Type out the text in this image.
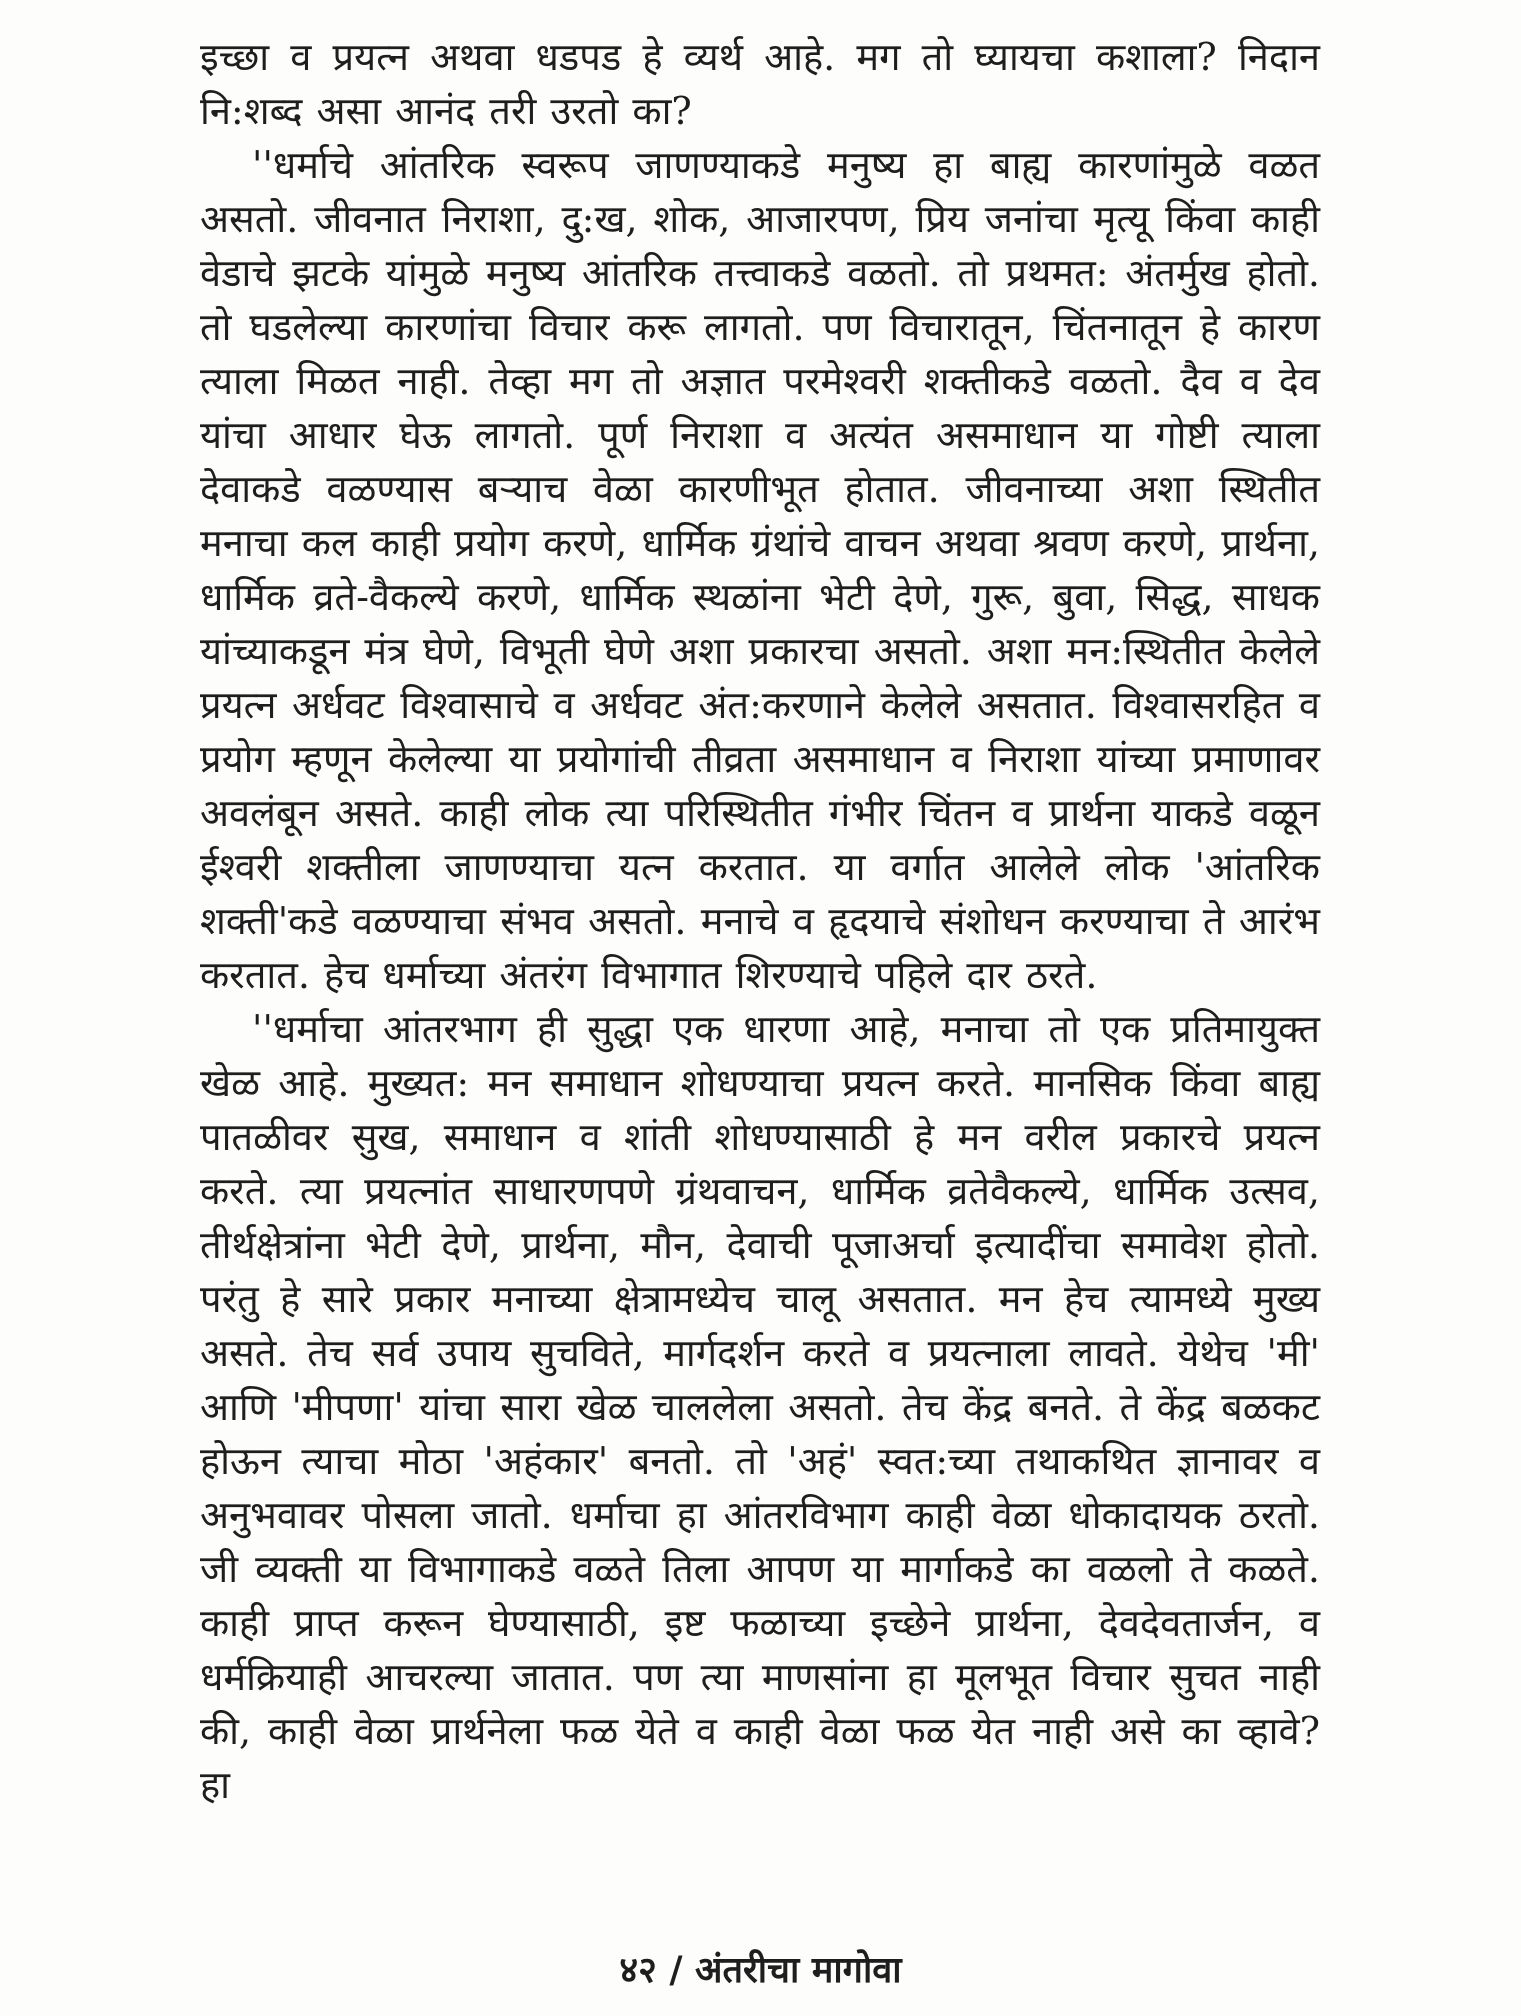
इच्छा व प्रयत्न अथवा धडपड हे व्यर्थ आहे. मग तो घ्यायचा कशाला? निदान नि:शब्द असा आनंद तरी उरतो का?

''धर्माचे आंतरिक स्वरूप जाणण्याकडे मनुष्य हा बाह्य कारणांमुळे वळत असतो. जीवनात निराशा, दु:ख, शोक, आजारपण, प्रिय जनांचा मृत्यू किंवा काही वेडाचे झटके यांमुळे मनुष्य आंतरिक तत्त्वाकडे वळतो. तो प्रथमत: अंतर्मुख होतो. तो घडलेल्या कारणांचा विचार करू लागतो. पण विचारातून, चिंतनातून हे कारण त्याला मिळत नाही. तेव्हा मग तो अज्ञात परमेश्वरी शक्तीकडे वळतो. दैव व देव यांचा आधार घेऊ लागतो. पूर्ण निराशा व अत्यंत असमाधान या गोष्टी त्याला देवाकडे वळण्यास बऱ्याच वेळा कारणीभूत होतात. जीवनाच्या अशा स्थितीत मनाचा कल काही प्रयोग करणे, धार्मिक ग्रंथांचे वाचन अथवा श्रवण करणे, प्रार्थना, धार्मिक व्रते-वैकल्ये करणे, धार्मिक स्थळांना भेटी देणे, गुरू, बुवा, सिद्ध, साधक यांच्याकडून मंत्र घेणे, विभूती घेणे अशा प्रकारचा असतो. अशा मन:स्थितीत केलेले प्रयत्न अर्धवट विश्वासाचे व अर्धवट अंत:करणाने केलेले असतात. विश्वासरहित व प्रयोग म्हणून केलेल्या या प्रयोगांची तीव्रता असमाधान व निराशा यांच्या प्रमाणावर अवलंबून असते. काही लोक त्या परिस्थितीत गंभीर चिंतन व प्रार्थना याकडे वळून ईश्वरी शक्तीला जाणण्याचा यत्न करतात. या वर्गात आलेले लोक 'आंतरिक शक्ती'कडे वळण्याचा संभव असतो. मनाचे व हृदयाचे संशोधन करण्याचा ते आरंभ करतात. हेच धर्माच्या अंतरंग विभागात शिरण्याचे पहिले दार ठरते.

''धर्माचा आंतरभाग ही सुद्धा एक धारणा आहे, मनाचा तो एक प्रतिमायुक्त खेळ आहे. मुख्यत: मन समाधान शोधण्याचा प्रयत्न करते. मानसिक किंवा बाह्य पातळीवर सुख, समाधान व शांती शोधण्यासाठी हे मन वरील प्रकारचे प्रयत्न करते. त्या प्रयत्नांत साधारणपणे ग्रंथवाचन, धार्मिक व्रतेवैकल्ये, धार्मिक उत्सव, तीर्थक्षेत्रांना भेटी देणे, प्रार्थना, मौन, देवाची पूजाअर्चा इत्यादींचा समावेश होतो. परंतु हे सारे प्रकार मनाच्या क्षेत्रामध्येच चालू असतात. मन हेच त्यामध्ये मुख्य असते. तेच सर्व उपाय सुचविते, मार्गदर्शन करते व प्रयत्नाला लावते. येथेच 'मी' आणि 'मीपणा' यांचा सारा खेळ चाललेला असतो. तेच केंद्र बनते. ते केंद्र बळकट होऊन त्याचा मोठा 'अहंकार' बनतो. तो 'अहं' स्वत:च्या तथाकथित ज्ञानावर व अनुभवावर पोसला जातो. धर्माचा हा आंतरविभाग काही वेळा धोकादायक ठरतो. जी व्यक्ती या विभागाकडे वळते तिला आपण या मार्गाकडे का वळलो ते कळते. काही प्राप्त करून घेण्यासाठी, इष्ट फळाच्या इच्छेने प्रार्थना, देवदेवतार्जन, व धर्मक्रियाही आचरल्या जातात. पण त्या माणसांना हा मूलभूत विचार सुचत नाही की, काही वेळा प्रार्थनेला फळ येते व काही वेळा फळ येत नाही असे का व्हावे? हा

४२ / अंतरीचा मागोवा
